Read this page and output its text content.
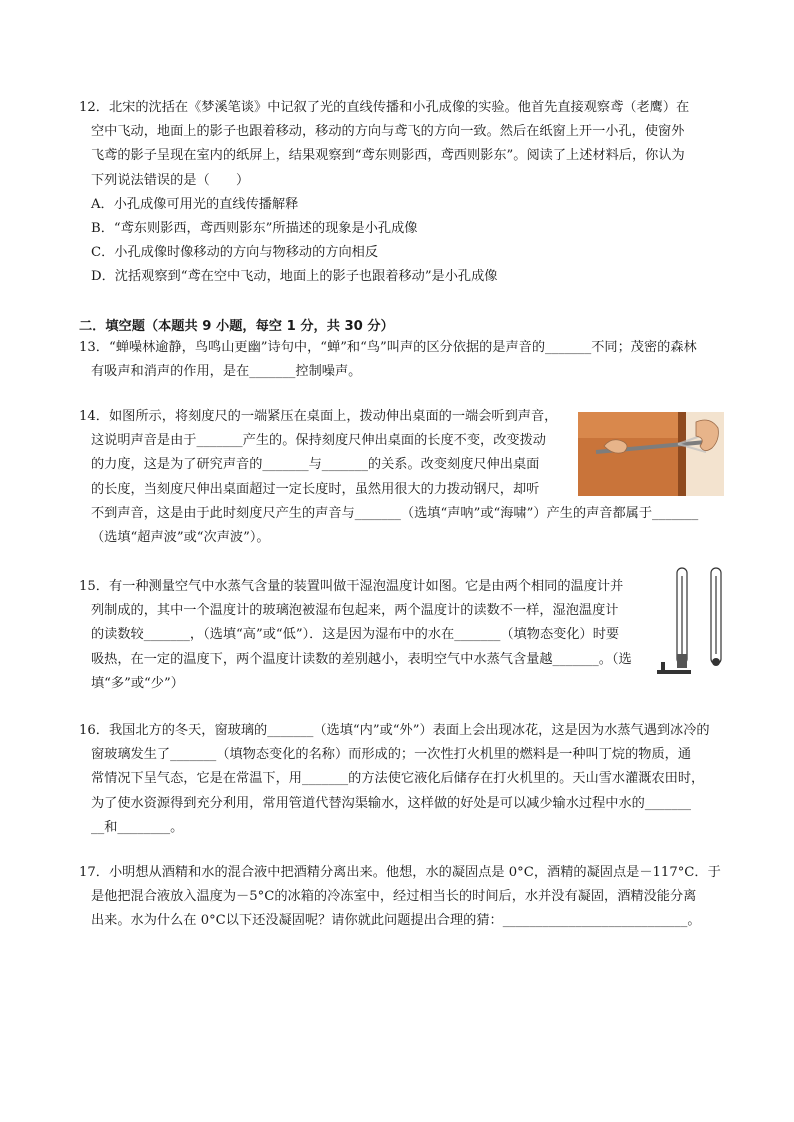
12．北宋的沈括在《梦溪笔谈》中记叙了光的直线传播和小孔成像的实验。他首先直接观察鸢（老鹰）在

空中飞动，地面上的影子也跟着移动，移动的方向与鸢飞的方向一致。然后在纸窗上开一小孔，使窗外

飞鸢的影子呈现在室内的纸屏上，结果观察到“鸢东则影西，鸢西则影东”。阅读了上述材料后，你认为

下列说法错误的是（　　）

A．小孔成像可用光的直线传播解释

B．“鸢东则影西，鸢西则影东”所描述的现象是小孔成像

C．小孔成像时像移动的方向与物移动的方向相反

D．沈括观察到“鸢在空中飞动，地面上的影子也跟着移动”是小孔成像

二．填空题（本题共 9 小题，每空 1 分，共 30 分）

13．“蝉噪林逾静，鸟鸣山更幽”诗句中，“蝉”和“鸟”叫声的区分依据的是声音的_______不同；茂密的森林

有吸声和消声的作用，是在_______控制噪声。

14．如图所示，将刻度尺的一端紧压在桌面上，拨动伸出桌面的一端会听到声音，

这说明声音是由于_______产生的。保持刻度尺伸出桌面的长度不变，改变拨动

的力度，这是为了研究声音的_______与_______的关系。改变刻度尺伸出桌面

的长度，当刻度尺伸出桌面超过一定长度时，虽然用很大的力拨动钢尺，却听

不到声音，这是由于此时刻度尺产生的声音与_______（选填“声呐”或“海啸”）产生的声音都属于_______

（选填“超声波”或“次声波”）。

15．有一种测量空气中水蒸气含量的装置叫做干湿泡温度计如图。它是由两个相同的温度计并

列制成的，其中一个温度计的玻璃泡被湿布包起来，两个温度计的读数不一样，湿泡温度计

的读数较_______，（选填“高”或“低”）．这是因为湿布中的水在_______（填物态变化）时要

吸热，在一定的温度下，两个温度计读数的差别越小，表明空气中水蒸气含量越_______。（选

填“多”或“少”）

16．我国北方的冬天，窗玻璃的_______（选填“内”或“外”）表面上会出现冰花，这是因为水蒸气遇到冰冷的

窗玻璃发生了_______（填物态变化的名称）而形成的；一次性打火机里的燃料是一种叫丁烷的物质，通

常情况下呈气态，它是在常温下，用_______的方法使它液化后储存在打火机里的。天山雪水灌溉农田时，

为了使水资源得到充分利用，常用管道代替沟渠输水，这样做的好处是可以减少输水过程中水的_______

__和________。

17．小明想从酒精和水的混合液中把酒精分离出来。他想，水的凝固点是 0°C，酒精的凝固点是－117°C．于

是他把混合液放入温度为－5°C的冰箱的冷冻室中，经过相当长的时间后，水并没有凝固，酒精没能分离

出来。水为什么在 0°C以下还没凝固呢？请你就此问题提出合理的猜：____________________________。
